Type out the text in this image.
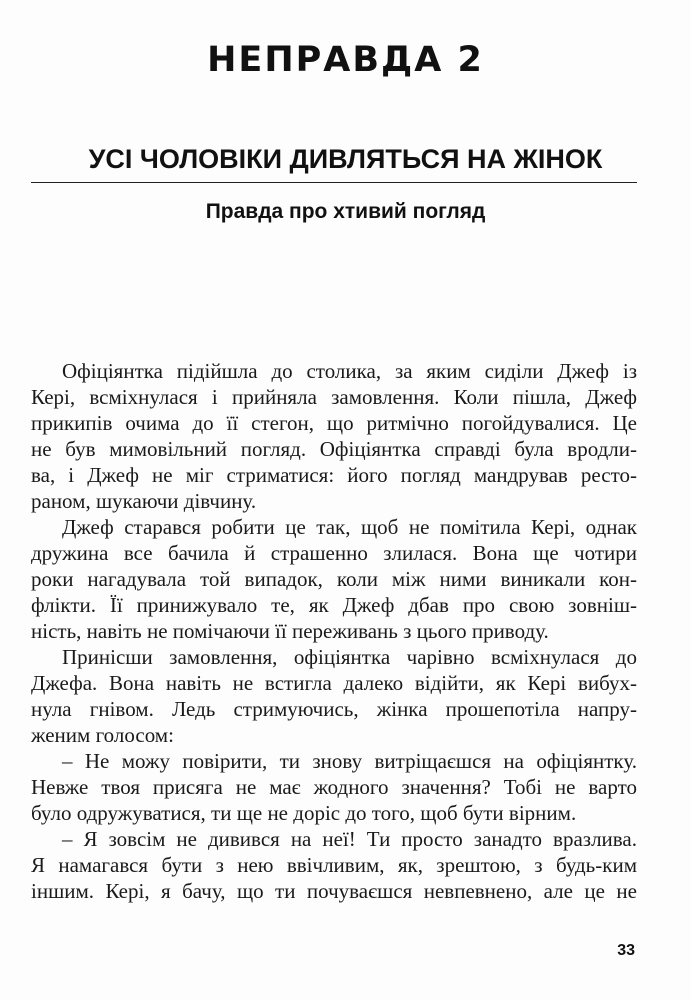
НЕПРАВДА 2
УСІ ЧОЛОВІКИ ДИВЛЯТЬСЯ НА ЖІНОК
Правда про хтивий погляд
Офіціянтка підійшла до столика, за яким сиділи Джеф із
Кері, всміхнулася і прийняла замовлення. Коли пішла, Джеф
прикипів очима до її стегон, що ритмічно погойдувалися. Це
не був мимовільний погляд. Офіціянтка справді була вродли-
ва, і Джеф не міг стриматися: його погляд мандрував ресто-
раном, шукаючи дівчину.
Джеф старався робити це так, щоб не помітила Кері, однак
дружина все бачила й страшенно злилася. Вона ще чотири
роки нагадувала той випадок, коли між ними виникали кон-
флікти. Її принижувало те, як Джеф дбав про свою зовніш-
ність, навіть не помічаючи її переживань з цього приводу.
Принісши замовлення, офіціянтка чарівно всміхнулася до
Джефа. Вона навіть не встигла далеко відійти, як Кері вибух-
нула гнівом. Ледь стримуючись, жінка прошепотіла напру-
женим голосом:
– Не можу повірити, ти знову витріщаєшся на офіціянтку.
Невже твоя присяга не має жодного значення? Тобі не варто
було одружуватися, ти ще не доріс до того, щоб бути вірним.
– Я зовсім не дивився на неї! Ти просто занадто вразлива.
Я намагався бути з нею ввічливим, як, зрештою, з будь-ким
іншим. Кері, я бачу, що ти почуваєшся невпевнено, але це не
33
